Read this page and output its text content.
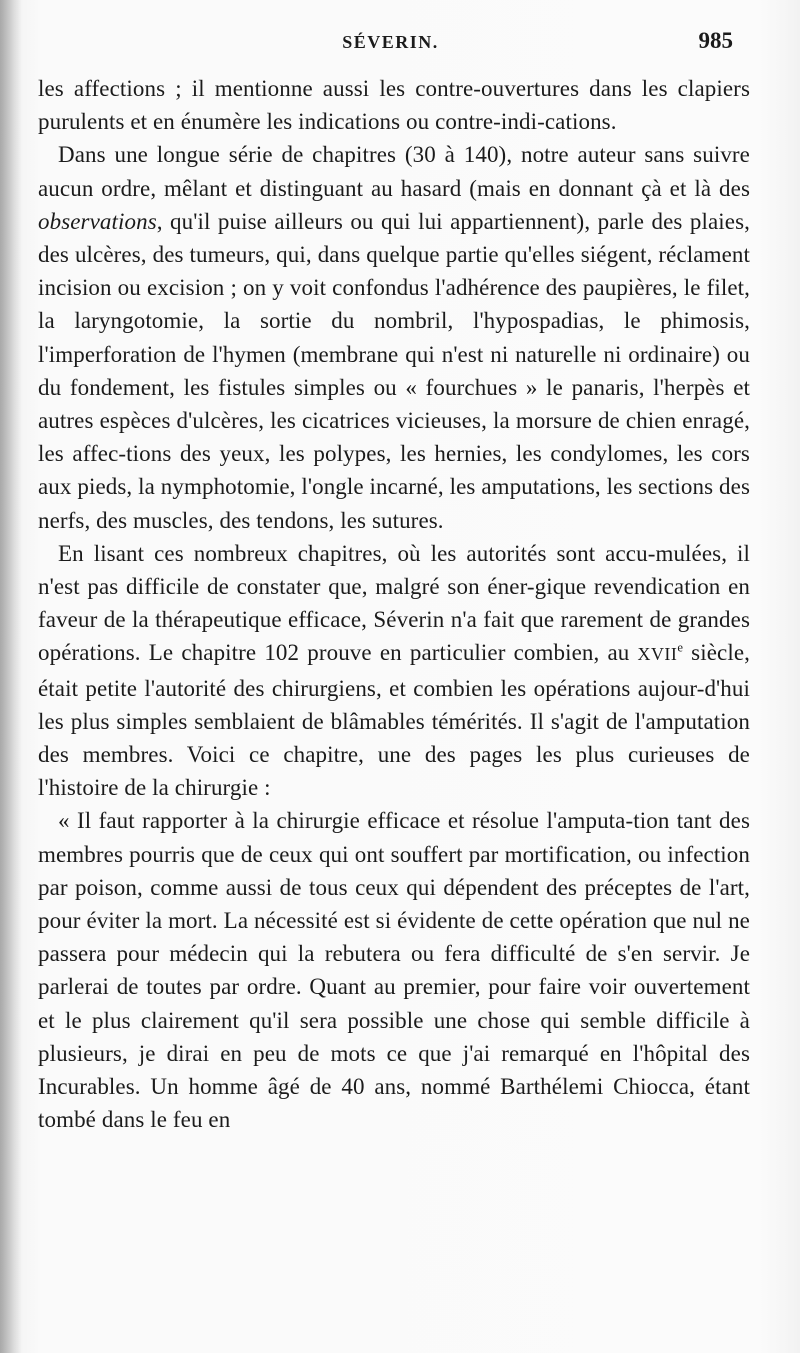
SÉVERIN.	985

les affections ; il mentionne aussi les contre-ouvertures dans les clapiers purulents et en énumère les indications ou contre-indi-cations.

Dans une longue série de chapitres (30 à 140), notre auteur sans suivre aucun ordre, mêlant et distinguant au hasard (mais en donnant çà et là des observations, qu'il puise ailleurs ou qui lui appartiennent), parle des plaies, des ulcères, des tumeurs, qui, dans quelque partie qu'elles siégent, réclament incision ou excision ; on y voit confondus l'adhérence des paupières, le filet, la laryngotomie, la sortie du nombril, l'hypospadias, le phimosis, l'imperforation de l'hymen (membrane qui n'est ni naturelle ni ordinaire) ou du fondement, les fistules simples ou « fourchues » le panaris, l'herpès et autres espèces d'ulcères, les cicatrices vicieuses, la morsure de chien enragé, les affec-tions des yeux, les polypes, les hernies, les condylomes, les cors aux pieds, la nymphotomie, l'ongle incarné, les amputations, les sections des nerfs, des muscles, des tendons, les sutures.

En lisant ces nombreux chapitres, où les autorités sont accu-mulées, il n'est pas difficile de constater que, malgré son éner-gique revendication en faveur de la thérapeutique efficace, Séverin n'a fait que rarement de grandes opérations. Le chapitre 102 prouve en particulier combien, au XVIIe siècle, était petite l'autorité des chirurgiens, et combien les opérations aujour-d'hui les plus simples semblaient de blâmables témérités. Il s'agit de l'amputation des membres. Voici ce chapitre, une des pages les plus curieuses de l'histoire de la chirurgie :

« Il faut rapporter à la chirurgie efficace et résolue l'amputa-tion tant des membres pourris que de ceux qui ont souffert par mortification, ou infection par poison, comme aussi de tous ceux qui dépendent des préceptes de l'art, pour éviter la mort. La nécessité est si évidente de cette opération que nul ne passera pour médecin qui la rebutera ou fera difficulté de s'en servir. Je parlerai de toutes par ordre. Quant au premier, pour faire voir ouvertement et le plus clairement qu'il sera possible une chose qui semble difficile à plusieurs, je dirai en peu de mots ce que j'ai remarqué en l'hôpital des Incurables. Un homme âgé de 40 ans, nommé Barthélemi Chiocca, étant tombé dans le feu en
